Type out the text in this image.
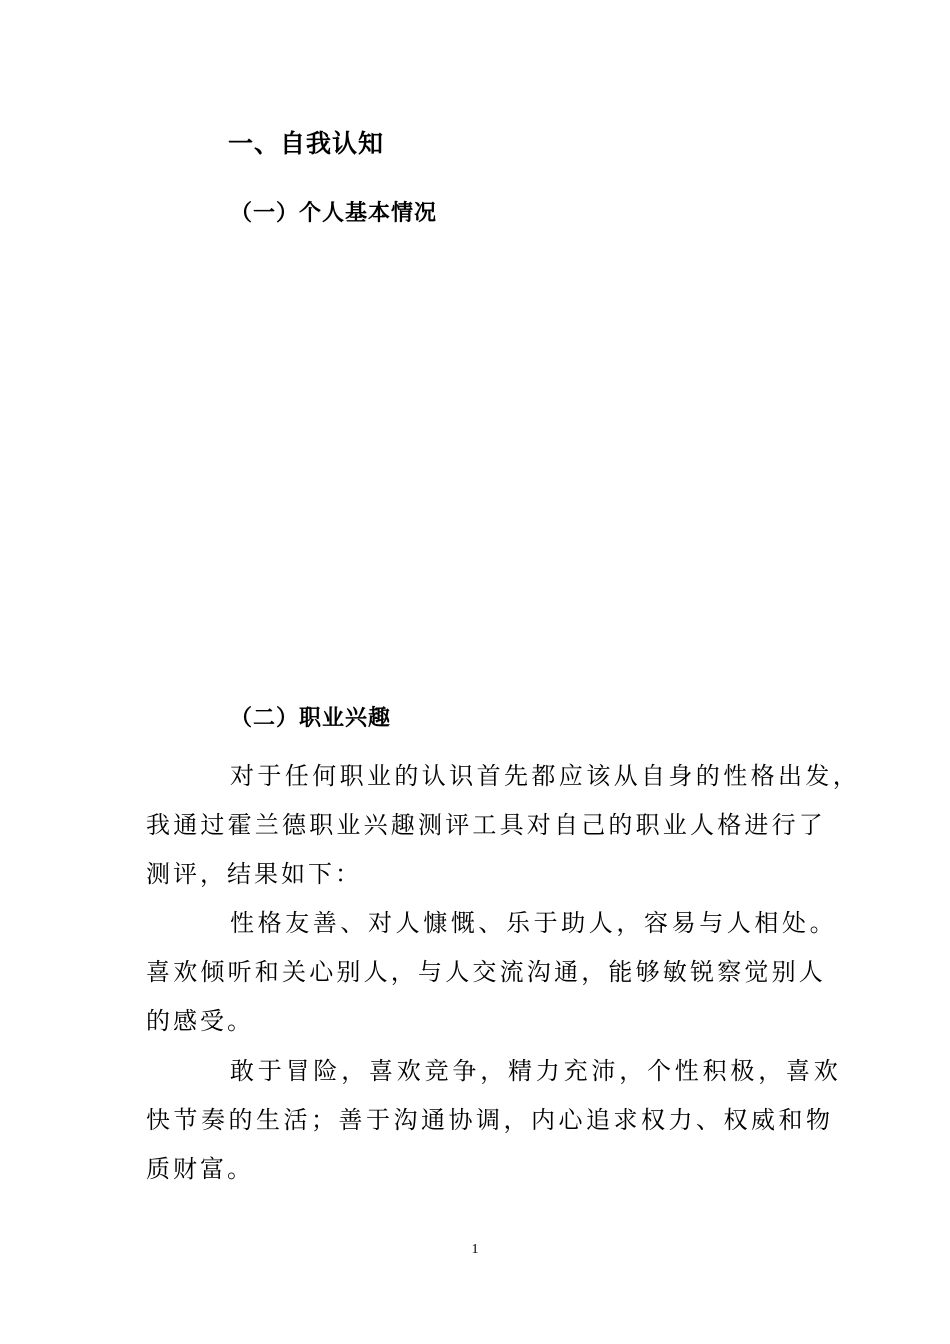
一、自我认知
（一）个人基本情况
（二）职业兴趣
对于任何职业的认识首先都应该从自身的性格出发，
我通过霍兰德职业兴趣测评工具对自己的职业人格进行了
测评，结果如下：
性格友善、对人慷慨、乐于助人，容易与人相处。
喜欢倾听和关心别人，与人交流沟通，能够敏锐察觉别人
的感受。
敢于冒险，喜欢竞争，精力充沛，个性积极，喜欢
快节奏的生活；善于沟通协调，内心追求权力、权威和物
质财富。
1
